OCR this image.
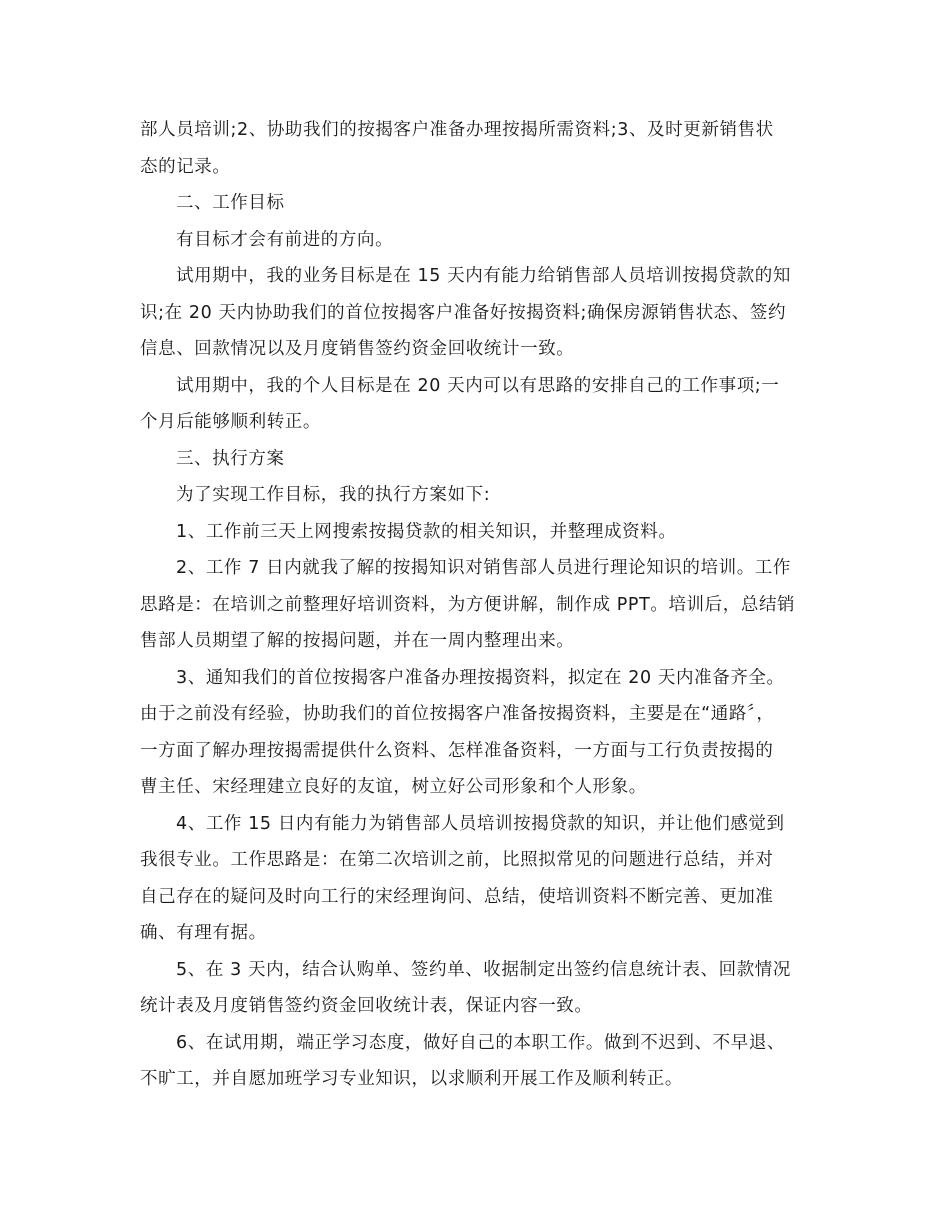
部人员培训;2、协助我们的按揭客户准备办理按揭所需资料;3、及时更新销售状
态的记录。
二、工作目标
有目标才会有前进的方向。
试用期中，我的业务目标是在 15 天内有能力给销售部人员培训按揭贷款的知
识;在 20 天内协助我们的首位按揭客户准备好按揭资料;确保房源销售状态、签约
信息、回款情况以及月度销售签约资金回收统计一致。
试用期中，我的个人目标是在 20 天内可以有思路的安排自己的工作事项;一
个月后能够顺利转正。
三、执行方案
为了实现工作目标，我的执行方案如下:
1、工作前三天上网搜索按揭贷款的相关知识，并整理成资料。
2、工作 7 日内就我了解的按揭知识对销售部人员进行理论知识的培训。工作
思路是：在培训之前整理好培训资料，为方便讲解，制作成 PPT。培训后，总结销
售部人员期望了解的按揭问题，并在一周内整理出来。
3、通知我们的首位按揭客户准备办理按揭资料，拟定在 20 天内准备齐全。
由于之前没有经验，协助我们的首位按揭客户准备按揭资料，主要是在“通路〞，
一方面了解办理按揭需提供什么资料、怎样准备资料，一方面与工行负责按揭的
曹主任、宋经理建立良好的友谊，树立好公司形象和个人形象。
4、工作 15 日内有能力为销售部人员培训按揭贷款的知识，并让他们感觉到
我很专业。工作思路是：在第二次培训之前，比照拟常见的问题进行总结，并对
自己存在的疑问及时向工行的宋经理询问、总结，使培训资料不断完善、更加准
确、有理有据。
5、在 3 天内，结合认购单、签约单、收据制定出签约信息统计表、回款情况
统计表及月度销售签约资金回收统计表，保证内容一致。
6、在试用期，端正学习态度，做好自己的本职工作。做到不迟到、不早退、
不旷工，并自愿加班学习专业知识，以求顺利开展工作及顺利转正。
